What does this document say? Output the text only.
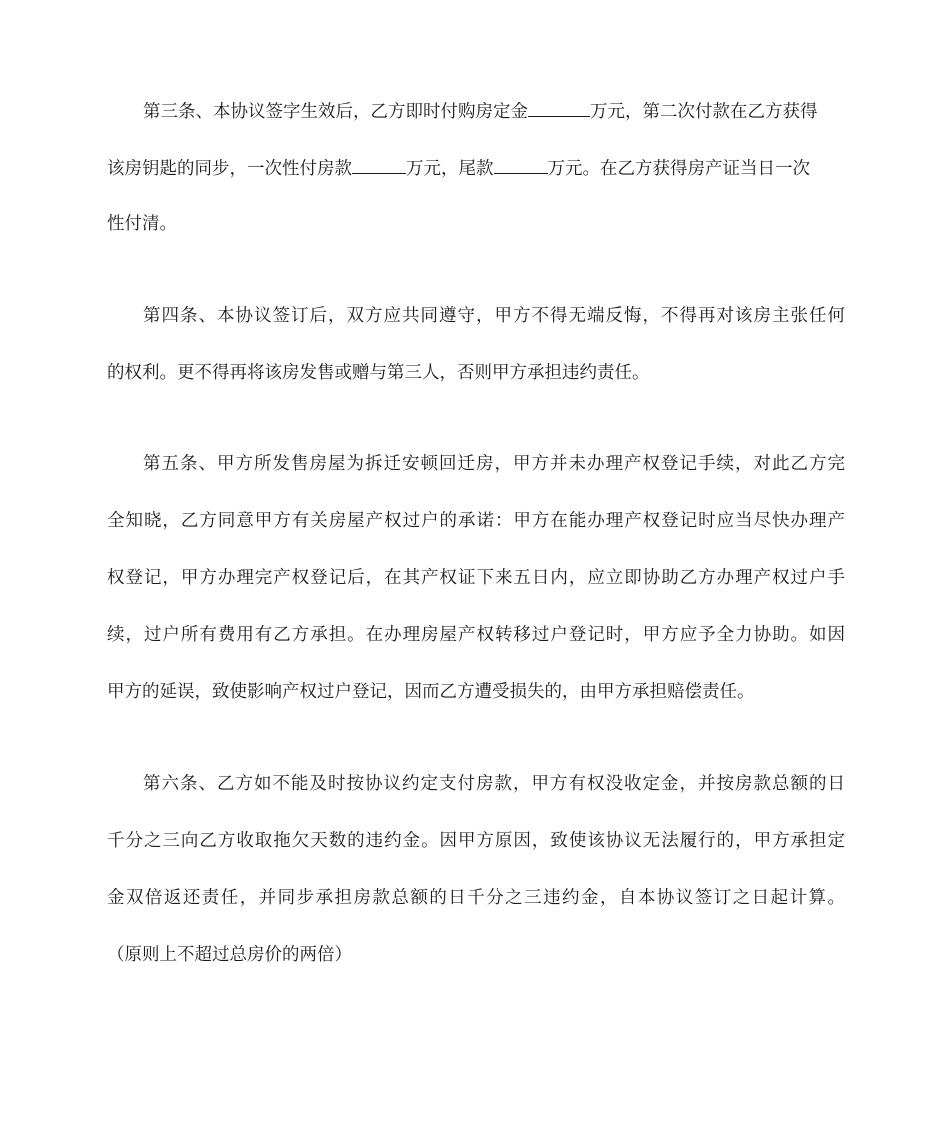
第三条、本协议签字生效后，乙方即时付购房定金	万元，第二次付款在乙方获得
该房钥匙的同步，一次性付房款	万元，尾款	万元。在乙方获得房产证当日一次
性付清。
第四条、本协议签订后，双方应共同遵守，甲方不得无端反悔，不得再对该房主张任何
的权利。更不得再将该房发售或赠与第三人，否则甲方承担违约责任。
第五条、甲方所发售房屋为拆迁安顿回迁房，甲方并未办理产权登记手续，对此乙方完
全知晓，乙方同意甲方有关房屋产权过户的承诺：甲方在能办理产权登记时应当尽快办理产
权登记，甲方办理完产权登记后，在其产权证下来五日内，应立即协助乙方办理产权过户手
续，过户所有费用有乙方承担。在办理房屋产权转移过户登记时，甲方应予全力协助。如因
甲方的延误，致使影响产权过户登记，因而乙方遭受损失的，由甲方承担赔偿责任。
第六条、乙方如不能及时按协议约定支付房款，甲方有权没收定金，并按房款总额的日
千分之三向乙方收取拖欠天数的违约金。因甲方原因，致使该协议无法履行的，甲方承担定
金双倍返还责任，并同步承担房款总额的日千分之三违约金，自本协议签订之日起计算。
（原则上不超过总房价的两倍）
